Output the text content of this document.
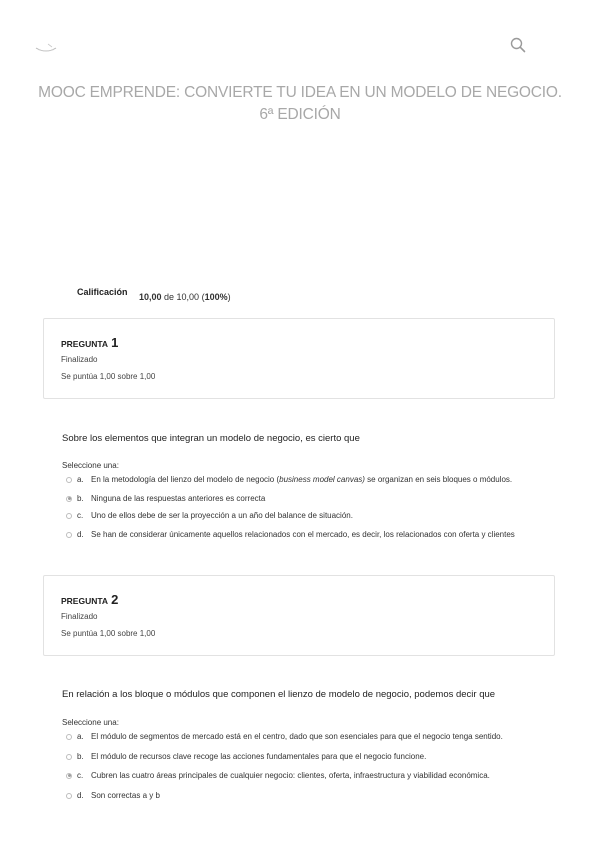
MOOC EMPRENDE: CONVIERTE TU IDEA EN UN MODELO DE NEGOCIO. 6ª EDICIÓN
Calificación 10,00 de 10,00 (100%)
PREGUNTA 1
Finalizado
Se puntúa 1,00 sobre 1,00
Sobre los elementos que integran un modelo de negocio, es cierto que
Seleccione una:
a. En la metodología del lienzo del modelo de negocio (business model canvas) se organizan en seis bloques o módulos.
b. Ninguna de las respuestas anteriores es correcta
c. Uno de ellos debe de ser la proyección a un año del balance de situación.
d. Se han de considerar únicamente aquellos relacionados con el mercado, es decir, los relacionados con oferta y clientes
PREGUNTA 2
Finalizado
Se puntúa 1,00 sobre 1,00
En relación a los bloque o módulos que componen el lienzo de modelo de negocio, podemos decir que
Seleccione una:
a. El módulo de segmentos de mercado está en el centro, dado que son esenciales para que el negocio tenga sentido.
b. El módulo de recursos clave recoge las acciones fundamentales para que el negocio funcione.
c. Cubren las cuatro áreas principales de cualquier negocio: clientes, oferta, infraestructura y viabilidad económica.
d. Son correctas a y b
